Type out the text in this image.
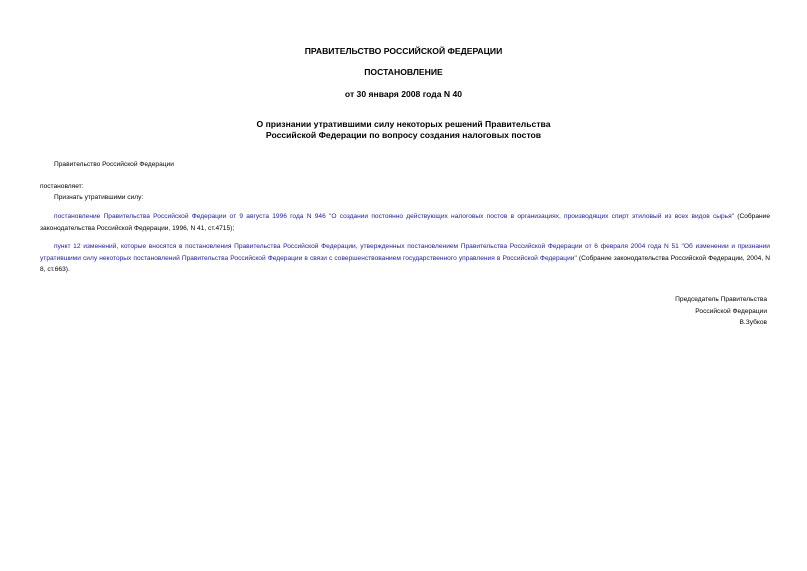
ПРАВИТЕЛЬСТВО РОССИЙСКОЙ ФЕДЕРАЦИИ

ПОСТАНОВЛЕНИЕ

от 30 января 2008 года N 40

О признании утратившими силу некоторых решений Правительства
Российской Федерации по вопросу создания налоговых постов

Правительство Российской Федерации

постановляет:

Признать утратившими силу:

постановление Правительства Российской Федерации от 9 августа 1996 года N 946 "О создании постоянно действующих налоговых постов в организациях, производящих спирт этиловый из всех видов сырья" (Собрание законодательства Российской Федерации, 1996, N 41, ст.4715);

пункт 12 изменений, которые вносятся в постановления Правительства Российской Федерации, утвержденных постановлением Правительства Российской Федерации от 6 февраля 2004 года N 51 "Об изменении и признании утратившими силу некоторых постановлений Правительства Российской Федерации в связи с совершенствованием государственного управления в Российской Федерации" (Собрание законодательства Российской Федерации, 2004, N 8, ст.663).

Председатель Правительства
Российской Федерации
В.Зубков
